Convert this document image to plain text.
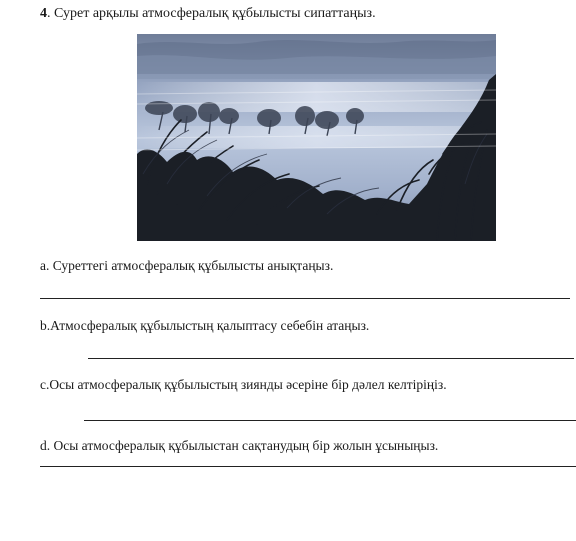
4. Сурет арқылы атмосфералық құбылысты сипаттаңыз.
a. Суреттегі атмосфералық құбылысты анықтаңыз.
b.Атмосфералық құбылыстың қалыптасу себебін атаңыз.
c.Осы атмосфералық құбылыстың зиянды әсеріне бір дәлел келтіріңіз.
d. Осы атмосфералық құбылыстан сақтанудың бір жолын ұсыныңыз.
